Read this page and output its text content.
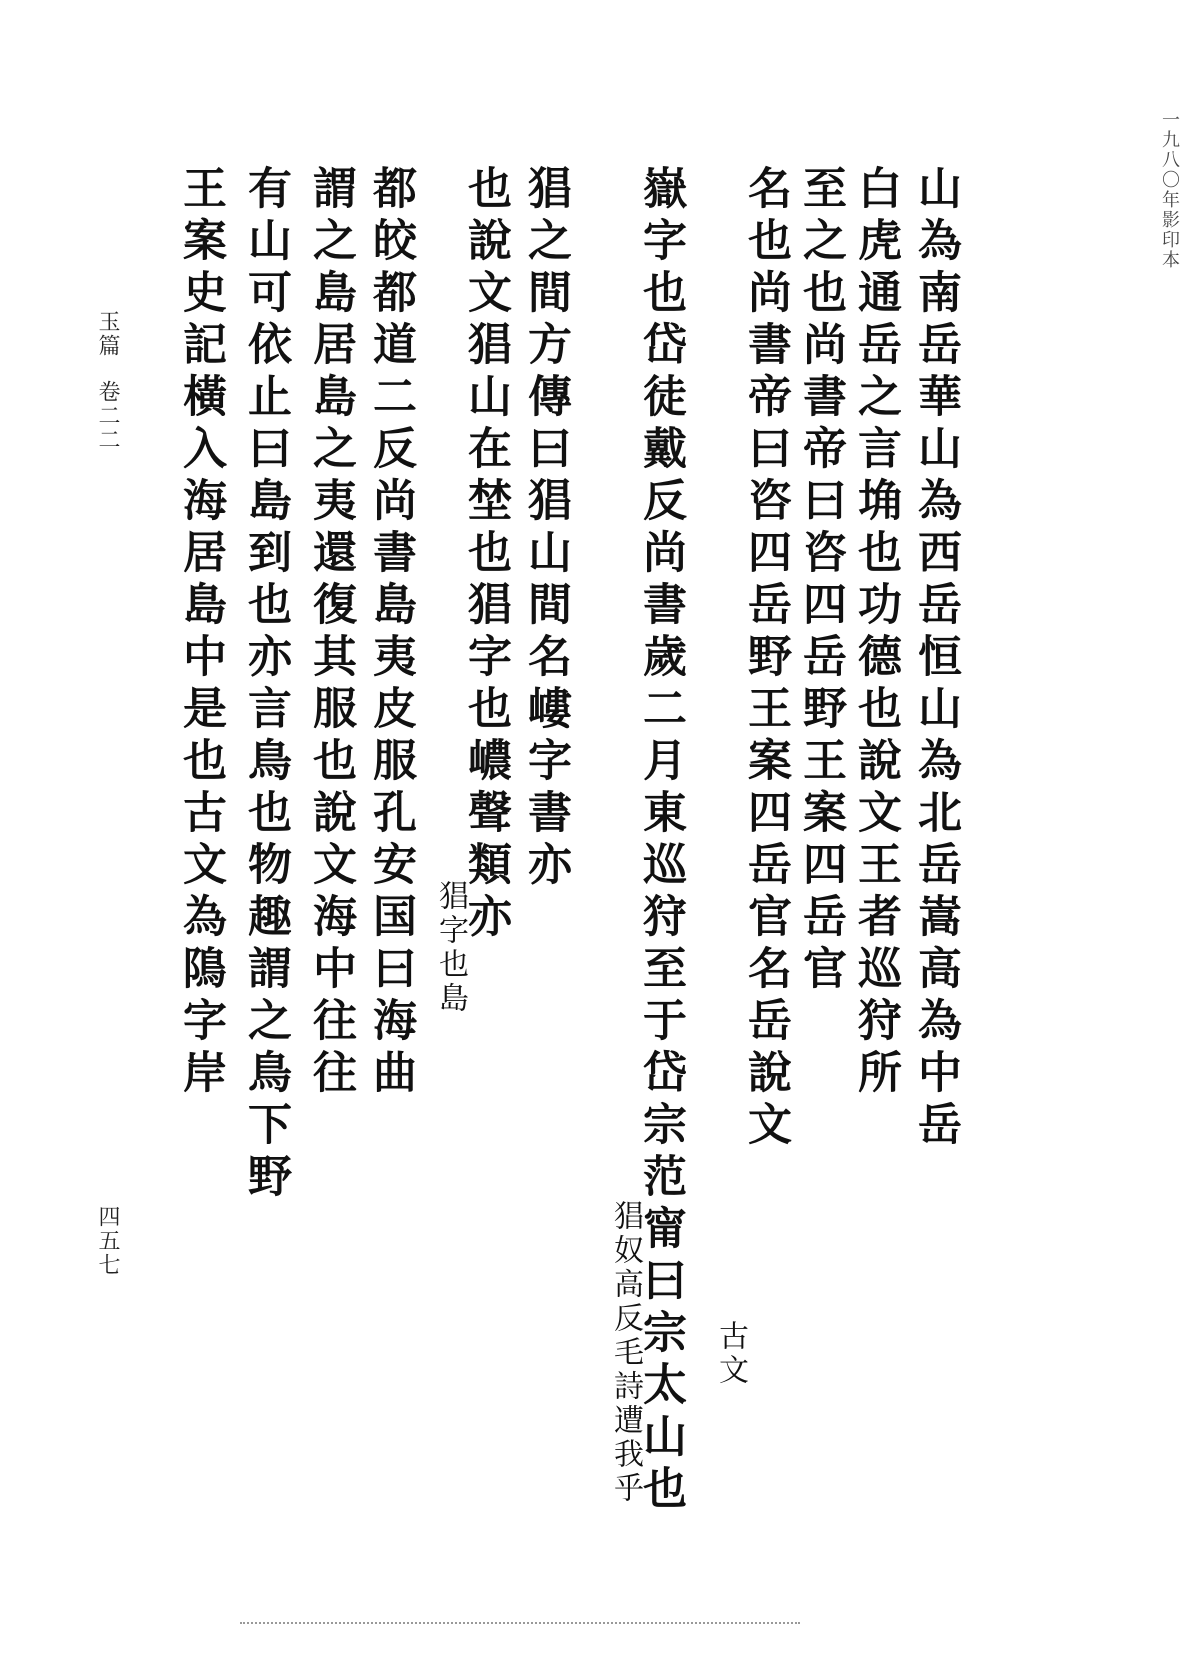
一九八〇年影印本
山為南岳華山為西岳恒山為北岳嵩高為中岳
白虎通岳之言埆也功德也說文王者巡狩所
至之也尚書帝曰咨四岳野王案四岳官
名也尚書帝曰咨四岳野王案四岳官名岳說文
古文
嶽字也岱徒戴反尚書歲二月東巡狩至于岱宗范甯曰宗太山也
猖奴高反毛詩遭我乎
猖之間方傳曰猖山間名嶁字書亦
也說文猖山在埜也猖字也嶩聲類亦
猖字也島
都皎都道二反尚書島夷皮服孔安国曰海曲
謂之島居島之夷還復其服也說文海中往往
有山可依止曰島到也亦言鳥也物趣謂之鳥下野
王案史記橫入海居島中是也古文為隝字岸
玉篇
卷二二
四五七
